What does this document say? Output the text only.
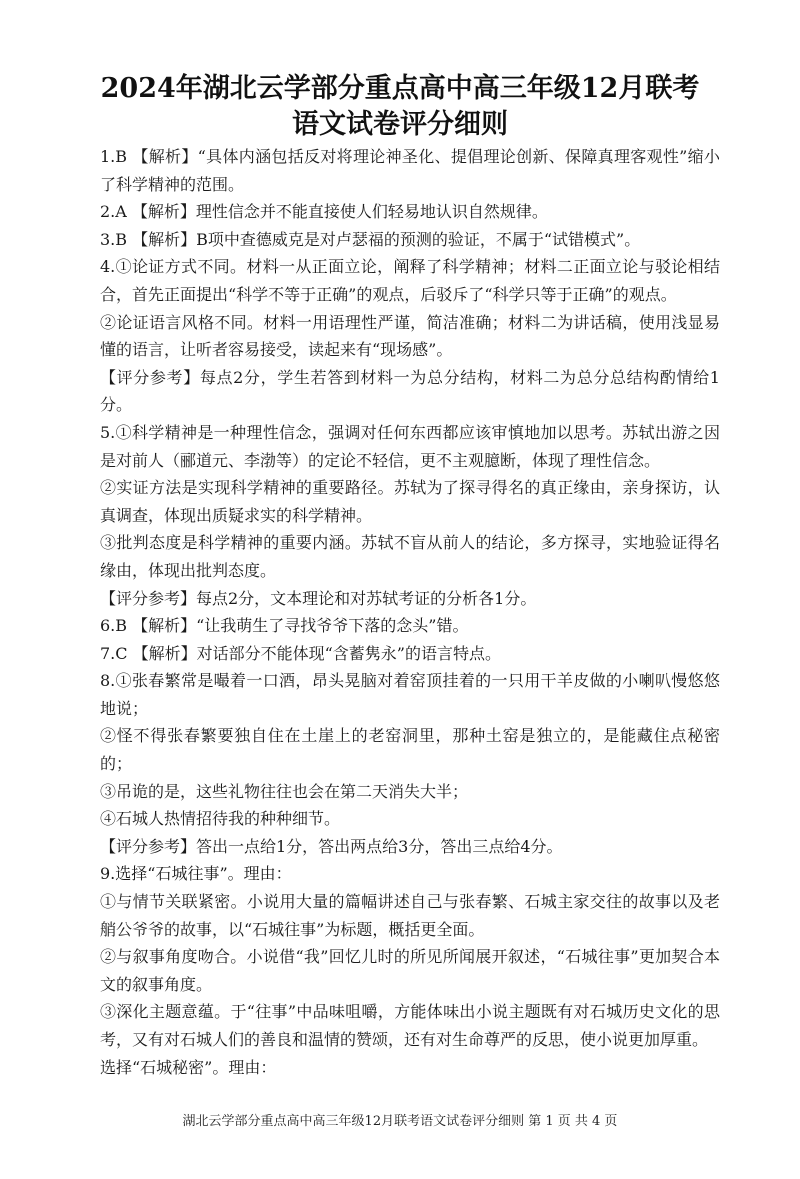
2024年湖北云学部分重点高中高三年级12月联考
语文试卷评分细则

1.B 【解析】“具体内涵包括反对将理论神圣化、提倡理论创新、保障真理客观性”缩小了科学精神的范围。

2.A 【解析】理性信念并不能直接使人们轻易地认识自然规律。

3.B 【解析】B项中查德威克是对卢瑟福的预测的验证，不属于“试错模式”。

4.①论证方式不同。材料一从正面立论，阐释了科学精神；材料二正面立论与驳论相结合，首先正面提出“科学不等于正确”的观点，后驳斥了“科学只等于正确”的观点。

②论证语言风格不同。材料一用语理性严谨，简洁准确；材料二为讲话稿，使用浅显易懂的语言，让听者容易接受，读起来有“现场感”。

【评分参考】每点2分，学生若答到材料一为总分结构，材料二为总分总结构酌情给1分。

5.①科学精神是一种理性信念，强调对任何东西都应该审慎地加以思考。苏轼出游之因是对前人（郦道元、李渤等）的定论不轻信，更不主观臆断，体现了理性信念。

②实证方法是实现科学精神的重要路径。苏轼为了探寻得名的真正缘由，亲身探访，认真调查，体现出质疑求实的科学精神。

③批判态度是科学精神的重要内涵。苏轼不盲从前人的结论，多方探寻，实地验证得名缘由，体现出批判态度。

【评分参考】每点2分，文本理论和对苏轼考证的分析各1分。

6.B 【解析】“让我萌生了寻找爷爷下落的念头”错。

7.C 【解析】对话部分不能体现“含蓄隽永”的语言特点。

8.①张春繁常是嘬着一口酒，昂头晃脑对着窑顶挂着的一只用干羊皮做的小喇叭慢悠悠地说；

②怪不得张春繁要独自住在土崖上的老窑洞里，那种土窑是独立的，是能藏住点秘密的；

③吊诡的是，这些礼物往往也会在第二天消失大半；

④石城人热情招待我的种种细节。

【评分参考】答出一点给1分，答出两点给3分，答出三点给4分。

9.选择“石城往事”。理由：

①与情节关联紧密。小说用大量的篇幅讲述自己与张春繁、石城主家交往的故事以及老艄公爷爷的故事，以“石城往事”为标题，概括更全面。

②与叙事角度吻合。小说借“我”回忆儿时的所见所闻展开叙述，“石城往事”更加契合本文的叙事角度。

③深化主题意蕴。于“往事”中品味咀嚼，方能体味出小说主题既有对石城历史文化的思考，又有对石城人们的善良和温情的赞颂，还有对生命尊严的反思，使小说更加厚重。

选择“石城秘密”。理由：

湖北云学部分重点高中高三年级12月联考语文试卷评分细则 第 1 页 共 4 页
